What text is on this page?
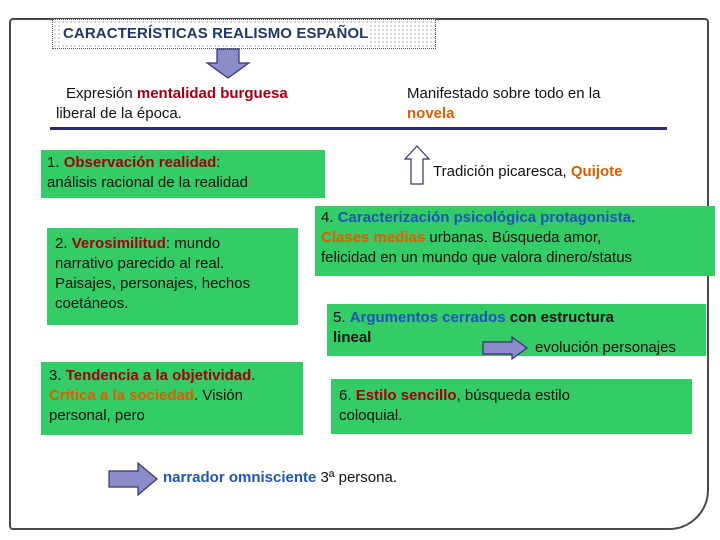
CARACTERÍSTICAS REALISMO ESPAÑOL
Expresión mentalidad burguesa
liberal de la época.
Manifestado sobre todo en la
novela
Tradición picaresca, Quijote
1. Observación realidad:
análisis racional de la realidad
2. Verosimilitud: mundo
narrativo parecido al real.
Paisajes, personajes, hechos
coetáneos.
3. Tendencia a la objetividad.
Crítica a la sociedad. Visión
personal, pero
4. Caracterización psicológica protagonista.
Clases medias urbanas. Búsqueda amor,
felicidad en un mundo que valora dinero/status
5. Argumentos cerrados con estructura
lineal
evolución personajes
6. Estilo sencillo, búsqueda estilo
coloquial.
narrador omnisciente 3ª persona.
